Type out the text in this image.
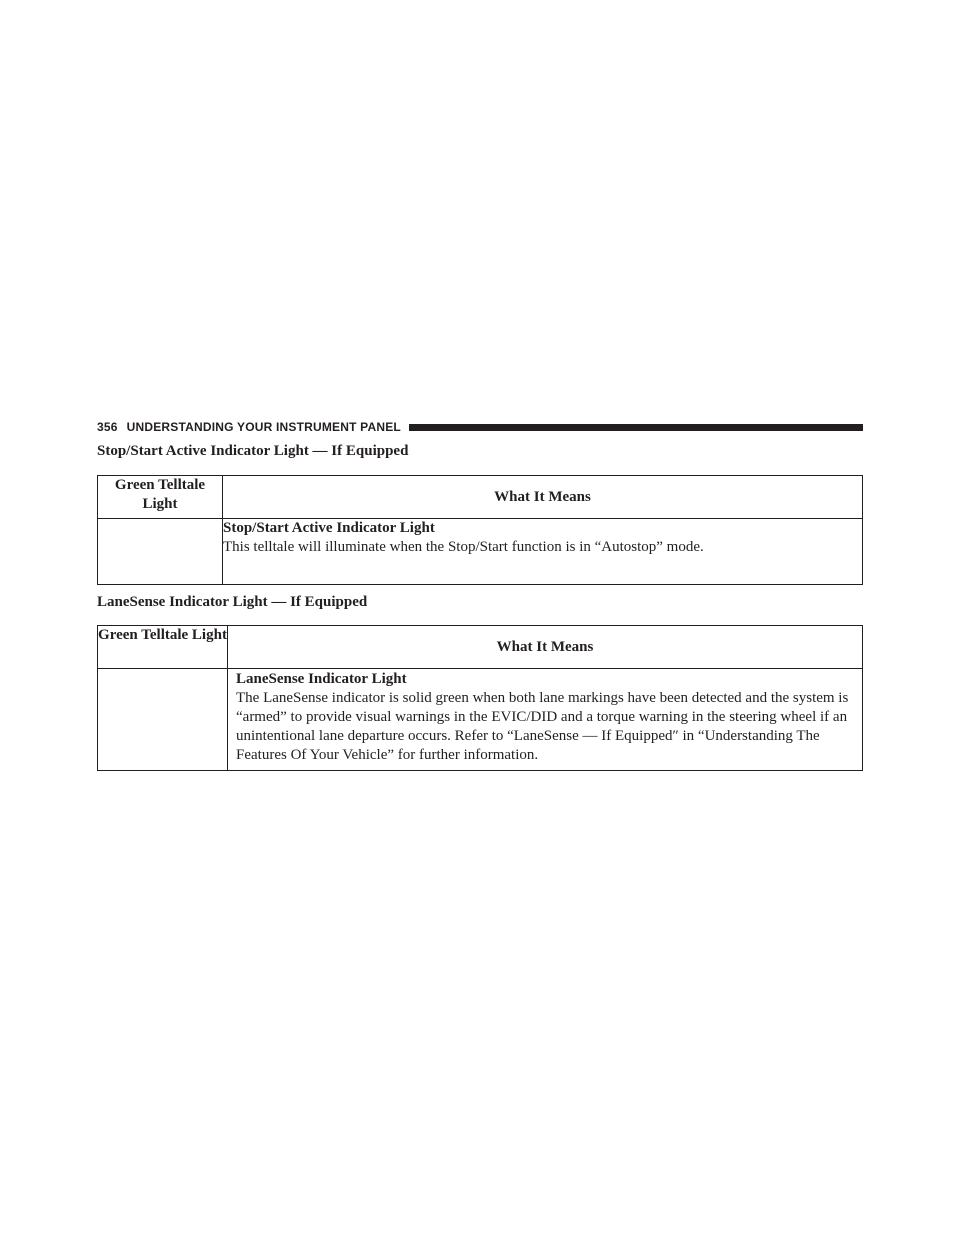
356 UNDERSTANDING YOUR INSTRUMENT PANEL
Stop/Start Active Indicator Light — If Equipped
Green Telltale Light	What It Means

	Stop/Start Active Indicator Light
This telltale will illuminate when the Stop/Start function is in “Autostop” mode.
LaneSense Indicator Light — If Equipped
Green Telltale Light	What It Means

	LaneSense Indicator Light
The LaneSense indicator is solid green when both lane markings have been detected and the system is “armed” to provide visual warnings in the EVIC/DID and a torque warning in the steering wheel if an unintentional lane departure occurs. Refer to “LaneSense — If Equipped″ in “Understanding The Features Of Your Vehicle” for further information.
